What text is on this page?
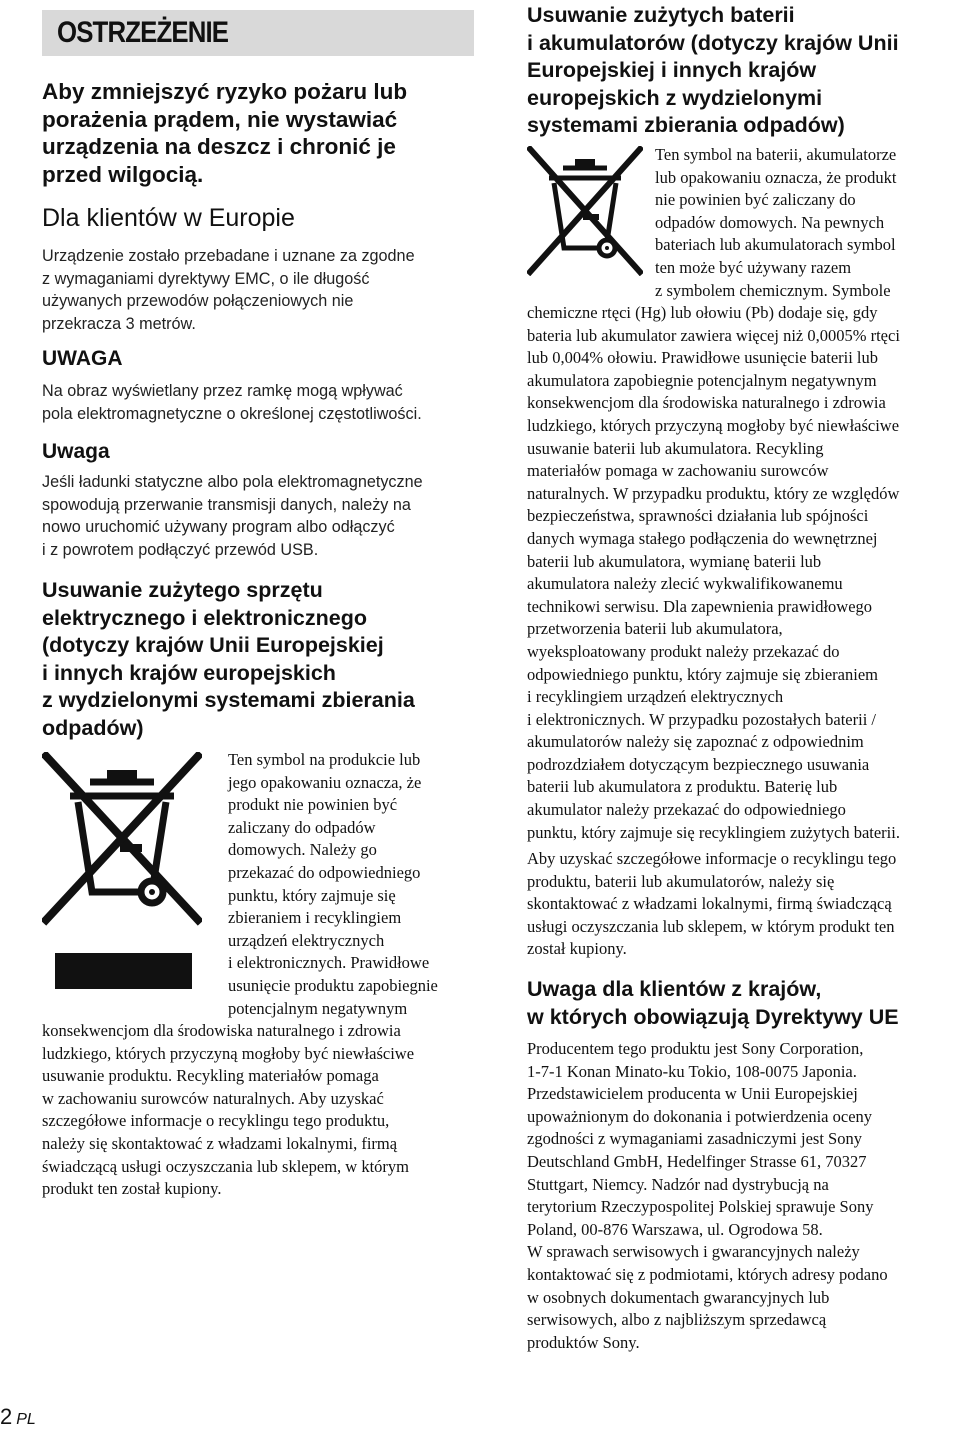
OSTRZEŻENIE
Aby zmniejszyć ryzyko pożaru lub
porażenia prądem, nie wystawiać
urządzenia na deszcz i chronić je
przed wilgocią.
Dla klientów w Europie
Urządzenie zostało przebadane i uznane za zgodne
z wymaganiami dyrektywy EMC, o ile długość
używanych przewodów połączeniowych nie
przekracza 3 metrów.
UWAGA
Na obraz wyświetlany przez ramkę mogą wpływać
pola elektromagnetyczne o określonej częstotliwości.
Uwaga
Jeśli ładunki statyczne albo pola elektromagnetyczne
spowodują przerwanie transmisji danych, należy na
nowo uruchomić używany program albo odłączyć
i z powrotem podłączyć przewód USB.
Usuwanie zużytego sprzętu
elektrycznego i elektronicznego
(dotyczy krajów Unii Europejskiej
i innych krajów europejskich
z wydzielonymi systemami zbierania
odpadów)
Ten symbol na produkcie lub
jego opakowaniu oznacza, że
produkt nie powinien być
zaliczany do odpadów
domowych. Należy go
przekazać do odpowiedniego
punktu, który zajmuje się
zbieraniem i recyklingiem
urządzeń elektrycznych
i elektronicznych. Prawidłowe
usunięcie produktu zapobiegnie
potencjalnym negatywnym
konsekwencjom dla środowiska naturalnego i zdrowia
ludzkiego, których przyczyną mogłoby być niewłaściwe
usuwanie produktu. Recykling materiałów pomaga
w zachowaniu surowców naturalnych. Aby uzyskać
szczegółowe informacje o recyklingu tego produktu,
należy się skontaktować z władzami lokalnymi, firmą
świadczącą usługi oczyszczania lub sklepem, w którym
produkt ten został kupiony.
Usuwanie zużytych baterii
i akumulatorów (dotyczy krajów Unii
Europejskiej i innych krajów
europejskich z wydzielonymi
systemami zbierania odpadów)
Ten symbol na baterii, akumulatorze
lub opakowaniu oznacza, że produkt
nie powinien być zaliczany do
odpadów domowych. Na pewnych
bateriach lub akumulatorach symbol
ten może być używany razem
z symbolem chemicznym. Symbole
chemiczne rtęci (Hg) lub ołowiu (Pb) dodaje się, gdy
bateria lub akumulator zawiera więcej niż 0,0005% rtęci
lub 0,004% ołowiu. Prawidłowe usunięcie baterii lub
akumulatora zapobiegnie potencjalnym negatywnym
konsekwencjom dla środowiska naturalnego i zdrowia
ludzkiego, których przyczyną mogłoby być niewłaściwe
usuwanie baterii lub akumulatora. Recykling
materiałów pomaga w zachowaniu surowców
naturalnych. W przypadku produktu, który ze względów
bezpieczeństwa, sprawności działania lub spójności
danych wymaga stałego podłączenia do wewnętrznej
baterii lub akumulatora, wymianę baterii lub
akumulatora należy zlecić wykwalifikowanemu
technikowi serwisu. Dla zapewnienia prawidłowego
przetworzenia baterii lub akumulatora,
wyeksploatowany produkt należy przekazać do
odpowiedniego punktu, który zajmuje się zbieraniem
i recyklingiem urządzeń elektrycznych
i elektronicznych. W przypadku pozostałych baterii /
akumulatorów należy się zapoznać z odpowiednim
podrozdziałem dotyczącym bezpiecznego usuwania
baterii lub akumulatora z produktu. Baterię lub
akumulator należy przekazać do odpowiedniego
punktu, który zajmuje się recyklingiem zużytych baterii.
Aby uzyskać szczegółowe informacje o recyklingu tego
produktu, baterii lub akumulatorów, należy się
skontaktować z władzami lokalnymi, firmą świadczącą
usługi oczyszczania lub sklepem, w którym produkt ten
został kupiony.
Uwaga dla klientów z krajów,
w których obowiązują Dyrektywy UE
Producentem tego produktu jest Sony Corporation,
1-7-1 Konan Minato-ku Tokio, 108-0075 Japonia.
Przedstawicielem producenta w Unii Europejskiej
upoważnionym do dokonania i potwierdzenia oceny
zgodności z wymaganiami zasadniczymi jest Sony
Deutschland GmbH, Hedelfinger Strasse 61, 70327
Stuttgart, Niemcy. Nadzór nad dystrybucją na
terytorium Rzeczypospolitej Polskiej sprawuje Sony
Poland, 00-876 Warszawa, ul. Ogrodowa 58.
W sprawach serwisowych i gwarancyjnych należy
kontaktować się z podmiotami, których adresy podano
w osobnych dokumentach gwarancyjnych lub
serwisowych, albo z najbliższym sprzedawcą
produktów Sony.
2 PL
